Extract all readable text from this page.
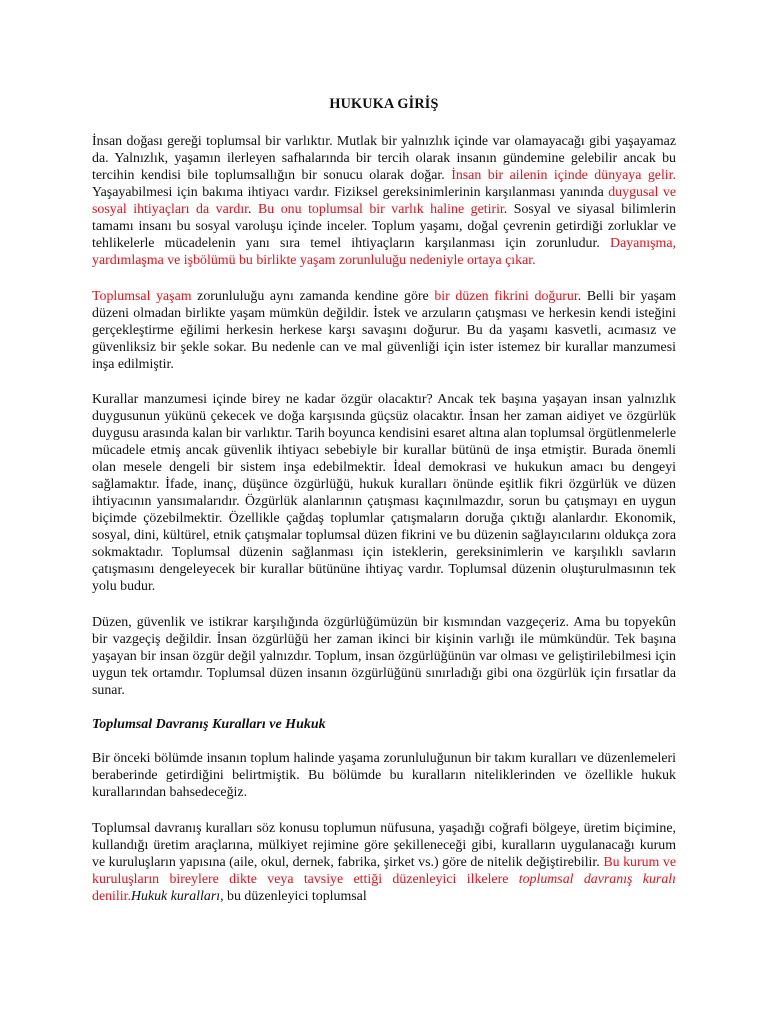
HUKUKA GİRİŞ

İnsan doğası gereği toplumsal bir varlıktır. Mutlak bir yalnızlık içinde var olamayacağı gibi yaşayamaz da. Yalnızlık, yaşamın ilerleyen safhalarında bir tercih olarak insanın gündemine gelebilir ancak bu tercihin kendisi bile toplumsallığın bir sonucu olarak doğar. İnsan bir ailenin içinde dünyaya gelir. Yaşayabilmesi için bakıma ihtiyacı vardır. Fiziksel gereksinimlerinin karşılanması yanında duygusal ve sosyal ihtiyaçları da vardır. Bu onu toplumsal bir varlık haline getirir. Sosyal ve siyasal bilimlerin tamamı insanı bu sosyal varoluşu içinde inceler. Toplum yaşamı, doğal çevrenin getirdiği zorluklar ve tehlikelerle mücadelenin yanı sıra temel ihtiyaçların karşılanması için zorunludur. Dayanışma, yardımlaşma ve işbölümü bu birlikte yaşam zorunluluğu nedeniyle ortaya çıkar.

Toplumsal yaşam zorunluluğu aynı zamanda kendine göre bir düzen fikrini doğurur. Belli bir yaşam düzeni olmadan birlikte yaşam mümkün değildir. İstek ve arzuların çatışması ve herkesin kendi isteğini gerçekleştirme eğilimi herkesin herkese karşı savaşını doğurur. Bu da yaşamı kasvetli, acımasız ve güvenliksiz bir şekle sokar. Bu nedenle can ve mal güvenliği için ister istemez bir kurallar manzumesi inşa edilmiştir.

Kurallar manzumesi içinde birey ne kadar özgür olacaktır? Ancak tek başına yaşayan insan yalnızlık duygusunun yükünü çekecek ve doğa karşısında güçsüz olacaktır. İnsan her zaman aidiyet ve özgürlük duygusu arasında kalan bir varlıktır. Tarih boyunca kendisini esaret altına alan toplumsal örgütlenmelerle mücadele etmiş ancak güvenlik ihtiyacı sebebiyle bir kurallar bütünü de inşa etmiştir. Burada önemli olan mesele dengeli bir sistem inşa edebilmektir. İdeal demokrasi ve hukukun amacı bu dengeyi sağlamaktır. İfade, inanç, düşünce özgürlüğü, hukuk kuralları önünde eşitlik fikri özgürlük ve düzen ihtiyacının yansımalarıdır. Özgürlük alanlarının çatışması kaçınılmazdır, sorun bu çatışmayı en uygun biçimde çözebilmektir. Özellikle çağdaş toplumlar çatışmaların doruğa çıktığı alanlardır. Ekonomik, sosyal, dini, kültürel, etnik çatışmalar toplumsal düzen fikrini ve bu düzenin sağlayıcılarını oldukça zora sokmaktadır. Toplumsal düzenin sağlanması için isteklerin, gereksinimlerin ve karşılıklı savların çatışmasını dengeleyecek bir kurallar bütününe ihtiyaç vardır. Toplumsal düzenin oluşturulmasının tek yolu budur.

Düzen, güvenlik ve istikrar karşılığında özgürlüğümüzün bir kısmından vazgeçeriz. Ama bu topyekûn bir vazgeçiş değildir. İnsan özgürlüğü her zaman ikinci bir kişinin varlığı ile mümkündür. Tek başına yaşayan bir insan özgür değil yalnızdır. Toplum, insan özgürlüğünün var olması ve geliştirilebilmesi için uygun tek ortamdır. Toplumsal düzen insanın özgürlüğünü sınırladığı gibi ona özgürlük için fırsatlar da sunar.

Toplumsal Davranış Kuralları ve Hukuk

Bir önceki bölümde insanın toplum halinde yaşama zorunluluğunun bir takım kuralları ve düzenlemeleri beraberinde getirdiğini belirtmiştik. Bu bölümde bu kuralların niteliklerinden ve özellikle hukuk kurallarından bahsedeceğiz.

Toplumsal davranış kuralları söz konusu toplumun nüfusuna, yaşadığı coğrafi bölgeye, üretim biçimine, kullandığı üretim araçlarına, mülkiyet rejimine göre şekilleneceği gibi, kuralların uygulanacağı kurum ve kuruluşların yapısına (aile, okul, dernek, fabrika, şirket vs.) göre de nitelik değiştirebilir. Bu kurum ve kuruluşların bireylere dikte veya tavsiye ettiği düzenleyici ilkelere toplumsal davranış kuralı denilir.Hukuk kuralları, bu düzenleyici toplumsal
